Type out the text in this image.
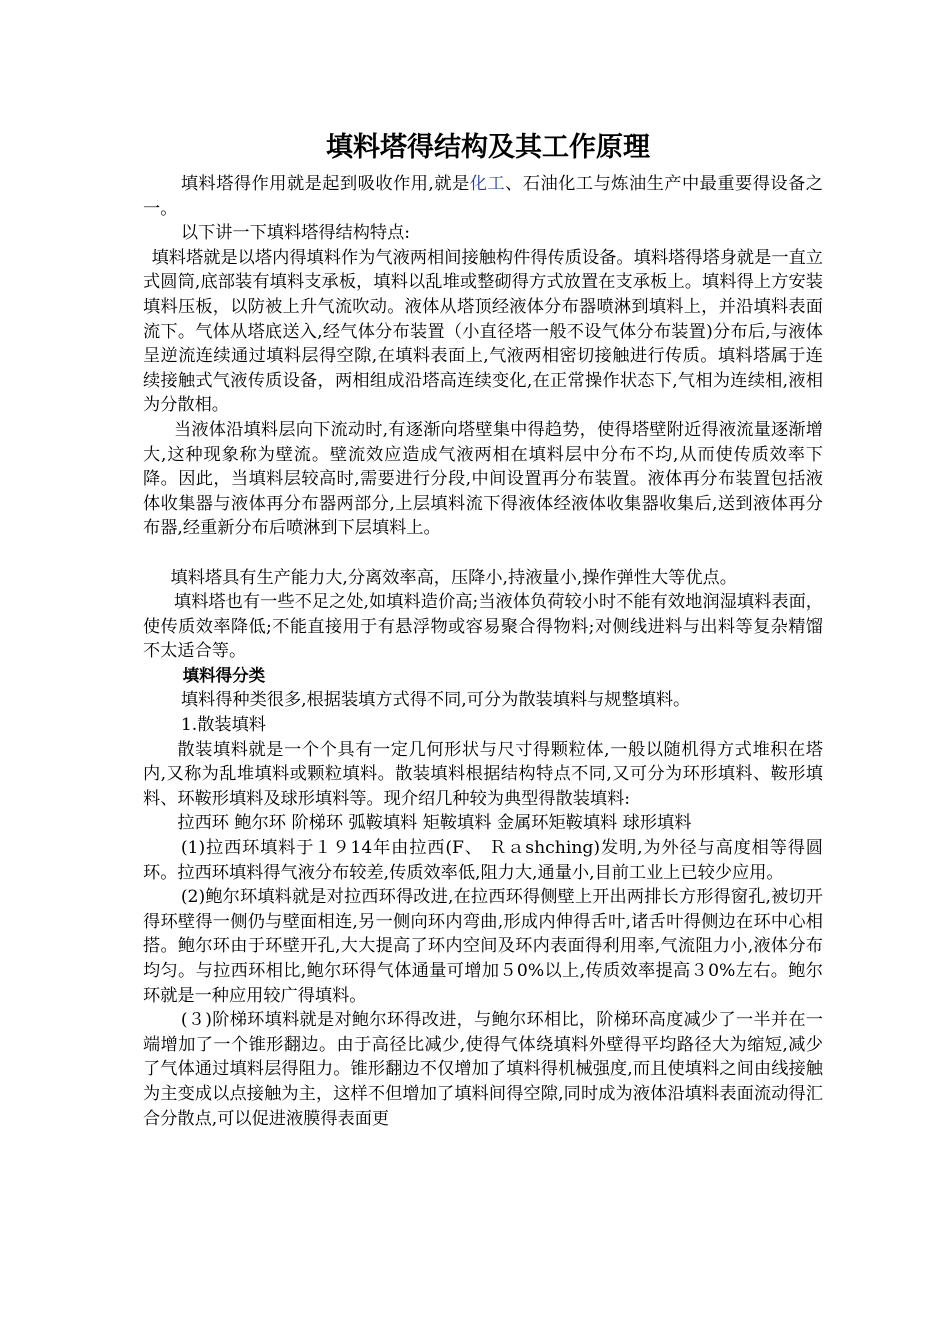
填料塔得结构及其工作原理

填料塔得作用就是起到吸收作用,就是化工、石油化工与炼油生产中最重要得设备之一。

以下讲一下填料塔得结构特点:

填料塔就是以塔内得填料作为气液两相间接触构件得传质设备。填料塔得塔身就是一直立式圆筒,底部装有填料支承板，填料以乱堆或整砌得方式放置在支承板上。填料得上方安装填料压板，以防被上升气流吹动。液体从塔顶经液体分布器喷淋到填料上，并沿填料表面流下。气体从塔底送入,经气体分布装置（小直径塔一般不设气体分布装置)分布后,与液体呈逆流连续通过填料层得空隙,在填料表面上,气液两相密切接触进行传质。填料塔属于连续接触式气液传质设备，两相组成沿塔高连续变化,在正常操作状态下,气相为连续相,液相为分散相。

当液体沿填料层向下流动时,有逐渐向塔壁集中得趋势，使得塔壁附近得液流量逐渐增大,这种现象称为壁流。壁流效应造成气液两相在填料层中分布不均,从而使传质效率下降。因此，当填料层较高时,需要进行分段,中间设置再分布装置。液体再分布装置包括液体收集器与液体再分布器两部分,上层填料流下得液体经液体收集器收集后,送到液体再分布器,经重新分布后喷淋到下层填料上。

填料塔具有生产能力大,分离效率高，压降小,持液量小,操作弹性大等优点。

填料塔也有一些不足之处,如填料造价高;当液体负荷较小时不能有效地润湿填料表面，使传质效率降低;不能直接用于有悬浮物或容易聚合得物料;对侧线进料与出料等复杂精馏不太适合等。

填料得分类

填料得种类很多,根据装填方式得不同,可分为散装填料与规整填料。

1.散装填料

散装填料就是一个个具有一定几何形状与尺寸得颗粒体,一般以随机得方式堆积在塔内,又称为乱堆填料或颗粒填料。散装填料根据结构特点不同,又可分为环形填料、鞍形填料、环鞍形填料及球形填料等。现介绍几种较为典型得散装填料:

拉西环 鲍尔环 阶梯环 弧鞍填料 矩鞍填料 金属环矩鞍填料 球形填料

(1)拉西环填料于１９14年由拉西(F、 Ｒａshching)发明,为外径与高度相等得圆环。拉西环填料得气液分布较差,传质效率低,阻力大,通量小,目前工业上已较少应用。

(2)鲍尔环填料就是对拉西环得改进,在拉西环得侧壁上开出两排长方形得窗孔,被切开得环壁得一侧仍与壁面相连,另一侧向环内弯曲,形成内伸得舌叶,诸舌叶得侧边在环中心相搭。鲍尔环由于环壁开孔,大大提高了环内空间及环内表面得利用率,气流阻力小,液体分布均匀。与拉西环相比,鲍尔环得气体通量可增加５0%以上,传质效率提高３0%左右。鲍尔环就是一种应用较广得填料。

(３)阶梯环填料就是对鲍尔环得改进，与鲍尔环相比，阶梯环高度减少了一半并在一端增加了一个锥形翻边。由于高径比减少,使得气体绕填料外壁得平均路径大为缩短,减少了气体通过填料层得阻力。锥形翻边不仅增加了填料得机械强度,而且使填料之间由线接触为主变成以点接触为主，这样不但增加了填料间得空隙,同时成为液体沿填料表面流动得汇合分散点,可以促进液膜得表面更
